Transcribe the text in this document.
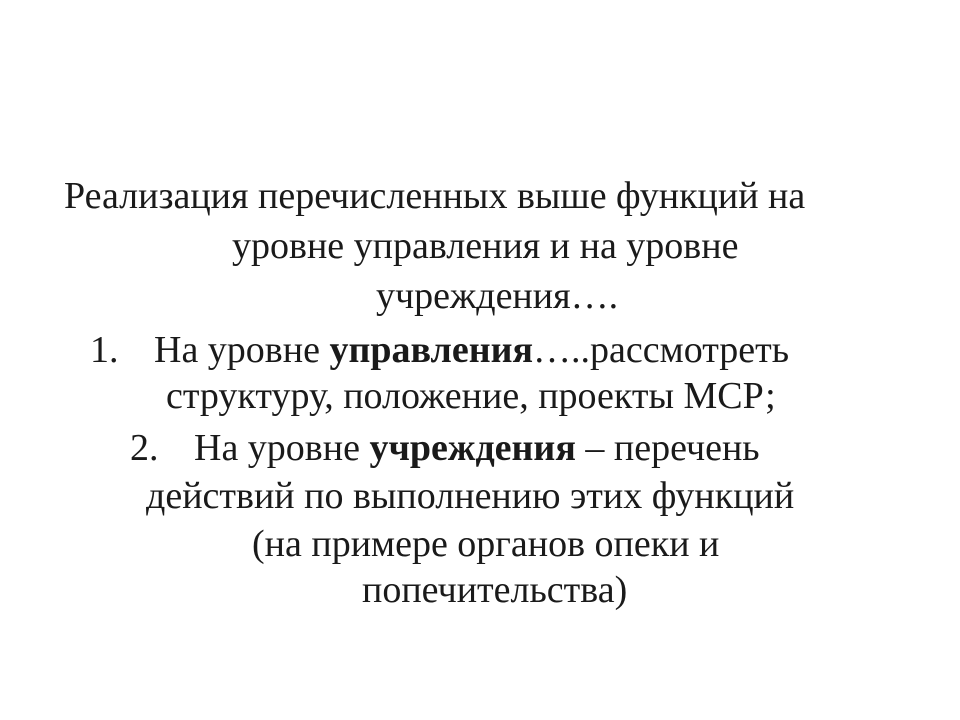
Реализация перечисленных выше функций на
уровне управления и на уровне
учреждения….
1. На уровне управления…..рассмотреть
структуру, положение, проекты МСР;
2. На уровне учреждения – перечень
действий по выполнению этих функций
(на примере органов опеки и
попечительства)
